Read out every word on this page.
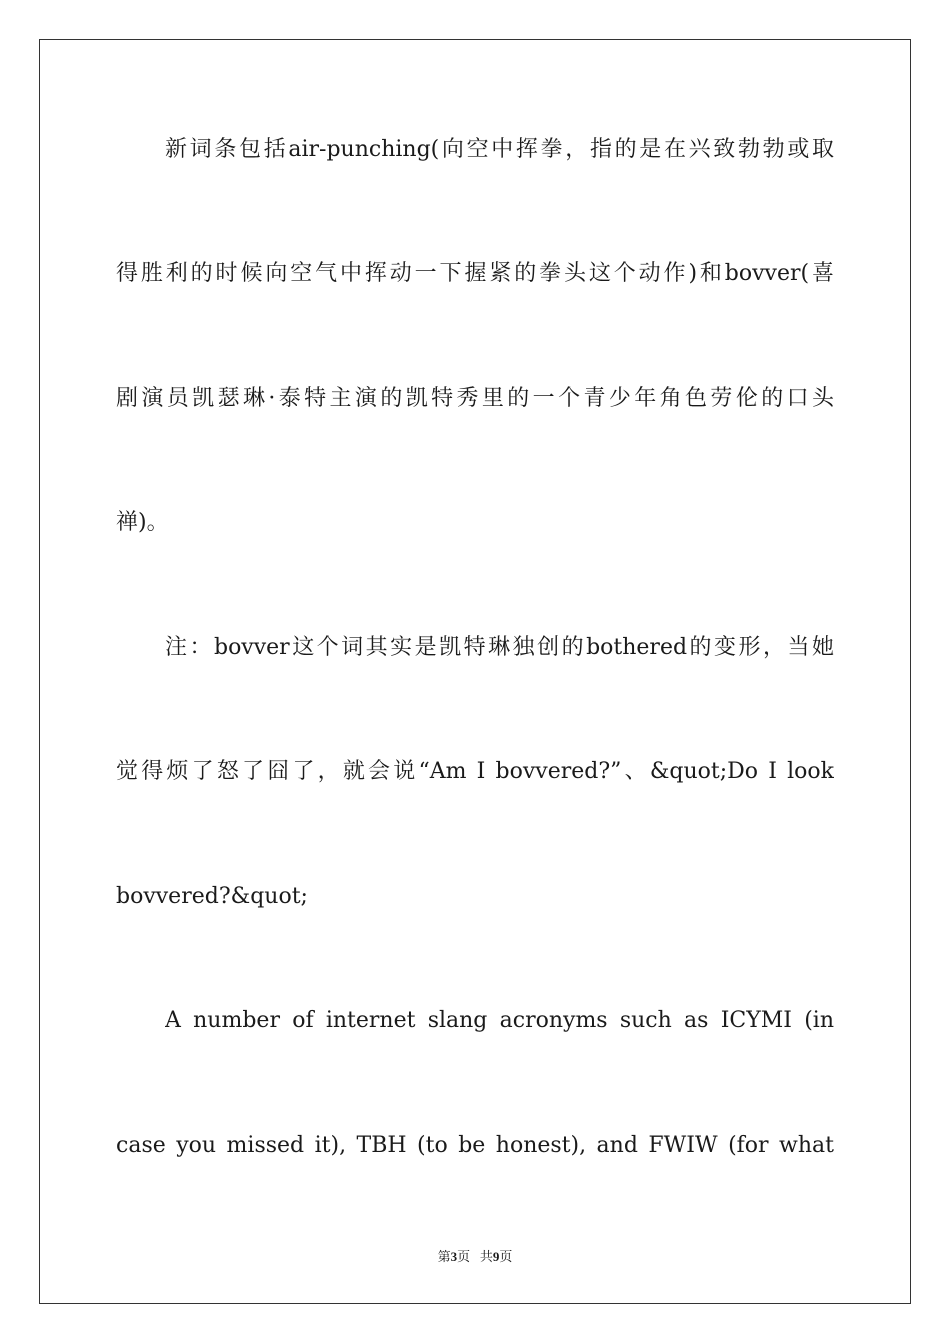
新词条包括air-punching(向空中挥拳，指的是在兴致勃勃或取
得胜利的时候向空气中挥动一下握紧的拳头这个动作)和bovver(喜
剧演员凯瑟琳·泰特主演的凯特秀里的一个青少年角色劳伦的口头
禅)。
注：bovver这个词其实是凯特琳独创的bothered的变形，当她
觉得烦了怒了囧了，就会说“Am I bovvered?”、&quot;Do I look
bovvered?&quot;
A number of internet slang acronyms such as ICYMI (in
case you missed it), TBH (to be honest), and FWIW (for what
第3页 共9页
